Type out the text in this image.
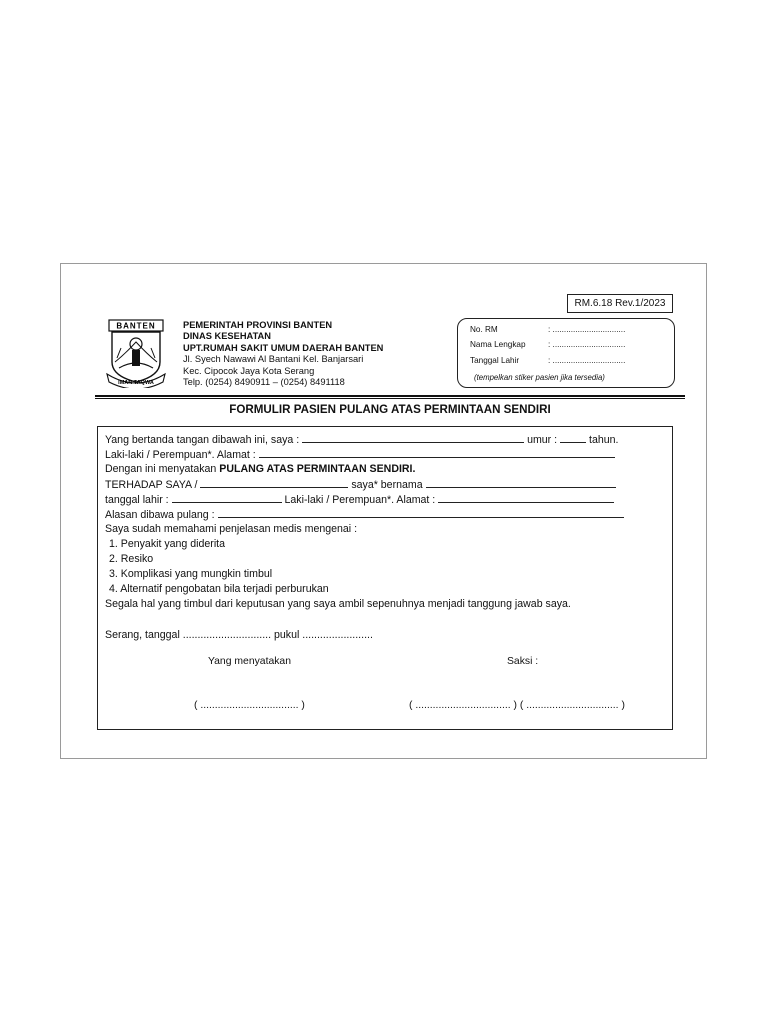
RM.6.18 Rev.1/2023
BANTEN
IMAN TAQWA
PEMERINTAH PROVINSI BANTEN
DINAS KESEHATAN
UPT.RUMAH SAKIT UMUM DAERAH BANTEN
Jl. Syech Nawawi Al Bantani Kel. Banjarsari
Kec. Cipocok Jaya Kota Serang
Telp. (0254) 8490911 – (0254) 8491118
No. RM	: ................................
Nama Lengkap	: ................................
Tanggal Lahir	: ................................
(tempelkan stiker pasien jika tersedia)
FORMULIR PASIEN PULANG ATAS PERMINTAAN SENDIRI
Yang bertanda tangan dibawah ini, saya :	umur :	tahun.
Laki-laki / Perempuan*. Alamat :
Dengan ini menyatakan PULANG ATAS PERMINTAAN SENDIRI.
TERHADAP SAYA /	saya* bernama
tanggal lahir :	Laki-laki / Perempuan*. Alamat :
Alasan dibawa pulang :
Saya sudah memahami penjelasan medis mengenai :
1. Penyakit yang diderita
2. Resiko
3. Komplikasi yang mungkin timbul
4. Alternatif pengobatan bila terjadi perburukan
Segala hal yang timbul dari keputusan yang saya ambil sepenuhnya menjadi tanggung jawab saya.
Serang, tanggal .............................. pukul ........................
Yang menyatakan	Saksi :
( .................................. )	( ................................. ) ( ................................ )
